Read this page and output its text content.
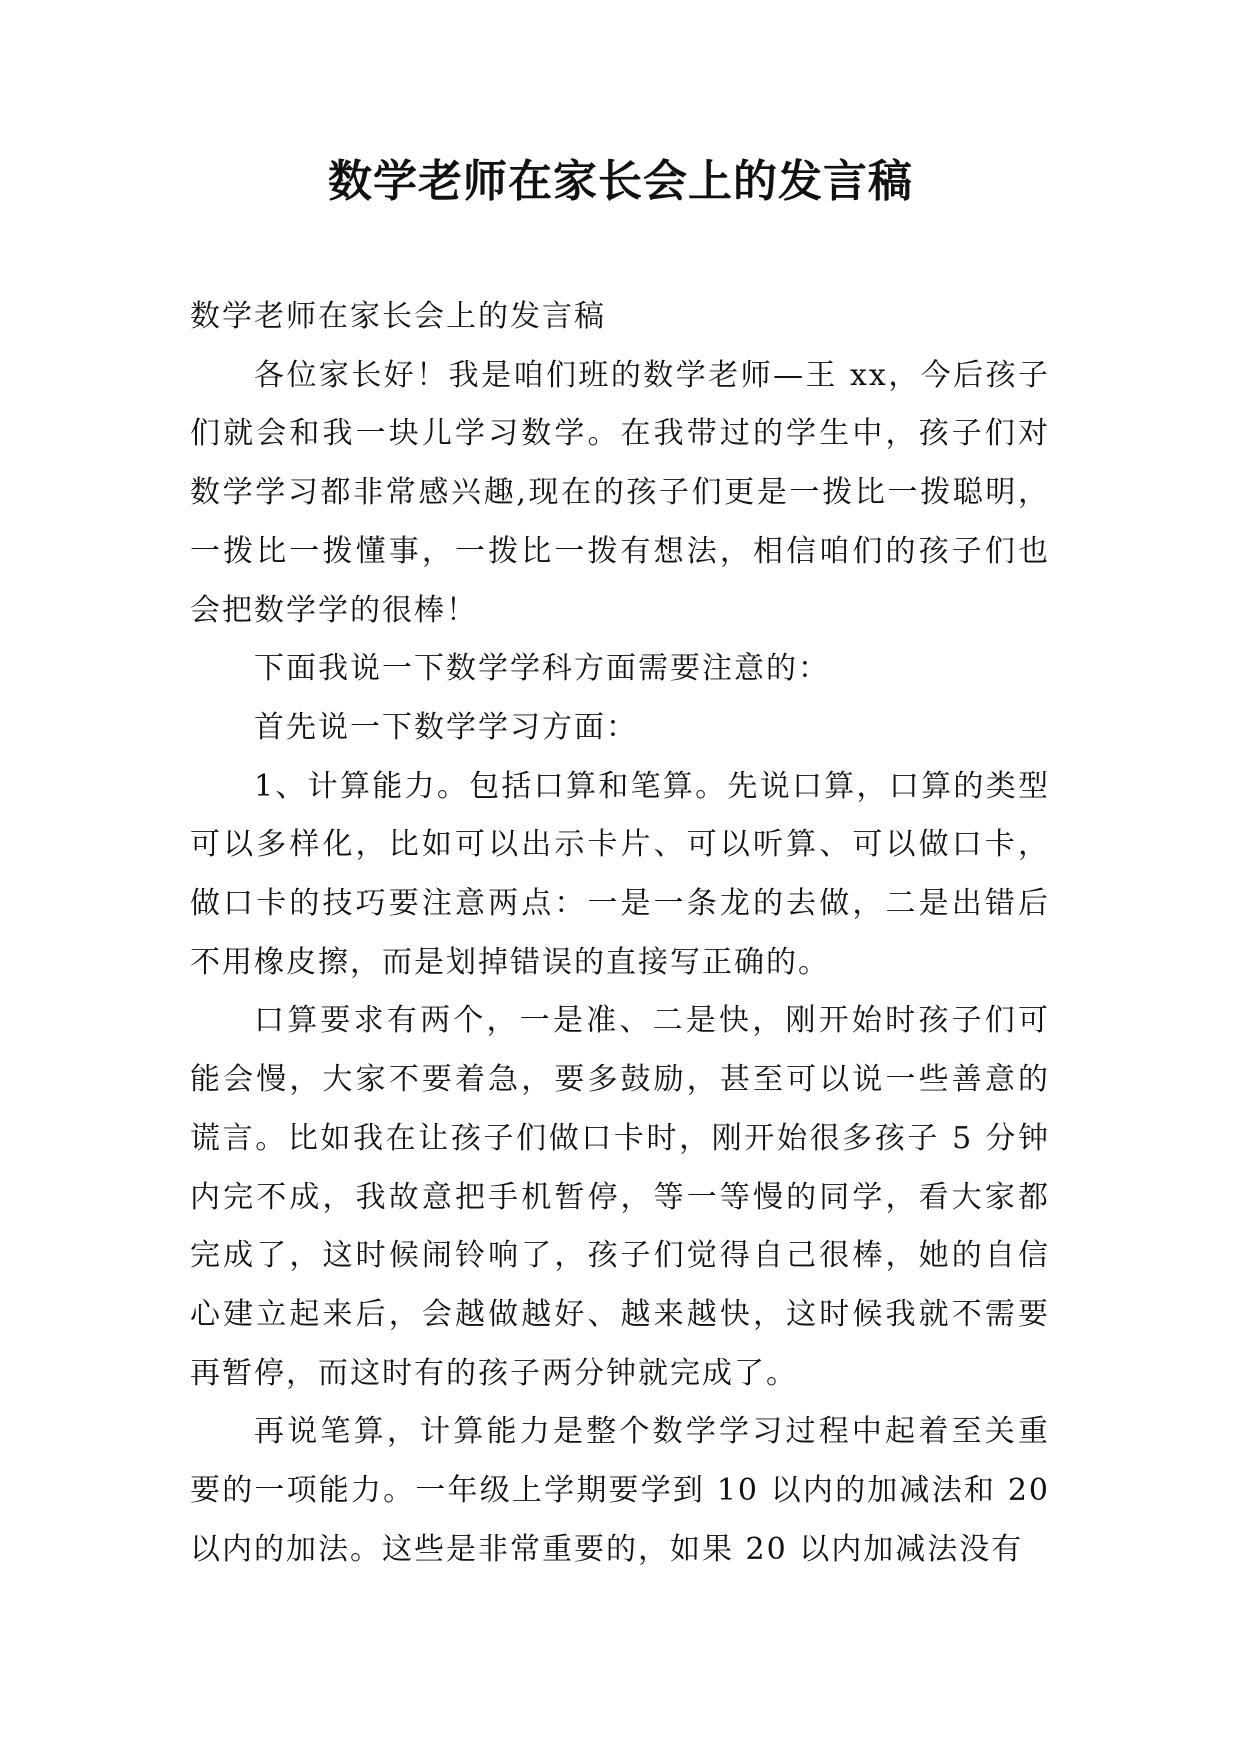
数学老师在家长会上的发言稿

数学老师在家长会上的发言稿

各位家长好！我是咱们班的数学老师—王 xx，今后孩子们就会和我一块儿学习数学。在我带过的学生中，孩子们对数学学习都非常感兴趣,现在的孩子们更是一拨比一拨聪明，一拨比一拨懂事，一拨比一拨有想法，相信咱们的孩子们也会把数学学的很棒！

下面我说一下数学学科方面需要注意的：

首先说一下数学学习方面：

1、计算能力。包括口算和笔算。先说口算，口算的类型可以多样化，比如可以出示卡片、可以听算、可以做口卡，做口卡的技巧要注意两点：一是一条龙的去做，二是出错后不用橡皮擦，而是划掉错误的直接写正确的。

口算要求有两个，一是准、二是快，刚开始时孩子们可能会慢，大家不要着急，要多鼓励，甚至可以说一些善意的谎言。比如我在让孩子们做口卡时，刚开始很多孩子 5 分钟内完不成，我故意把手机暂停，等一等慢的同学，看大家都完成了，这时候闹铃响了，孩子们觉得自己很棒，她的自信心建立起来后，会越做越好、越来越快，这时候我就不需要再暂停，而这时有的孩子两分钟就完成了。

再说笔算，计算能力是整个数学学习过程中起着至关重要的一项能力。一年级上学期要学到 10 以内的加减法和 20 以内的加法。这些是非常重要的，如果 20 以内加减法没有
